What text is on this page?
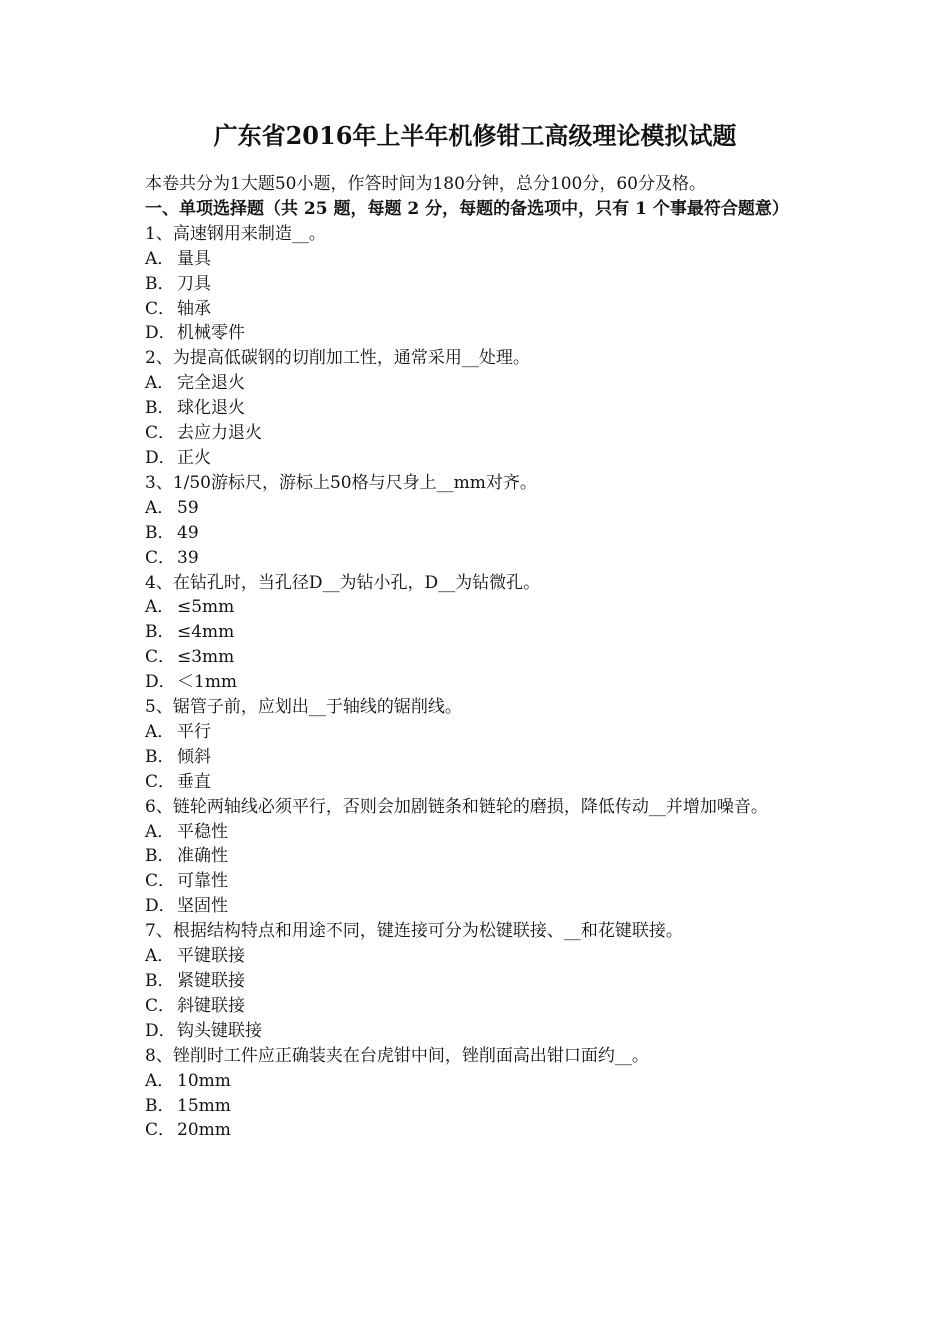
广东省2016年上半年机修钳工高级理论模拟试题

本卷共分为1大题50小题，作答时间为180分钟，总分100分，60分及格。

一、单项选择题（共 25 题，每题 2 分，每题的备选项中，只有 1 个事最符合题意）

1、高速钢用来制造__。

A． 量具

B． 刀具

C． 轴承

D．机械零件

2、为提高低碳钢的切削加工性，通常采用__处理。

A． 完全退火

B． 球化退火

C． 去应力退火

D．正火

3、1/50游标尺，游标上50格与尺身上__mm对齐。

A． 59

B． 49

C． 39

4、在钻孔时，当孔径D__为钻小孔，D__为钻微孔。

A． ≤5mm

B． ≤4mm

C． ≤3mm

D．＜1mm

5、锯管子前，应划出__于轴线的锯削线。

A． 平行

B． 倾斜

C． 垂直

6、链轮两轴线必须平行，否则会加剧链条和链轮的磨损，降低传动__并增加噪音。

A． 平稳性

B． 准确性

C． 可靠性

D．坚固性

7、根据结构特点和用途不同，键连接可分为松键联接、__和花键联接。

A． 平键联接

B． 紧键联接

C． 斜键联接

D．钩头键联接

8、锉削时工件应正确装夹在台虎钳中间，锉削面高出钳口面约__。

A． 10mm

B． 15mm

C． 20mm
